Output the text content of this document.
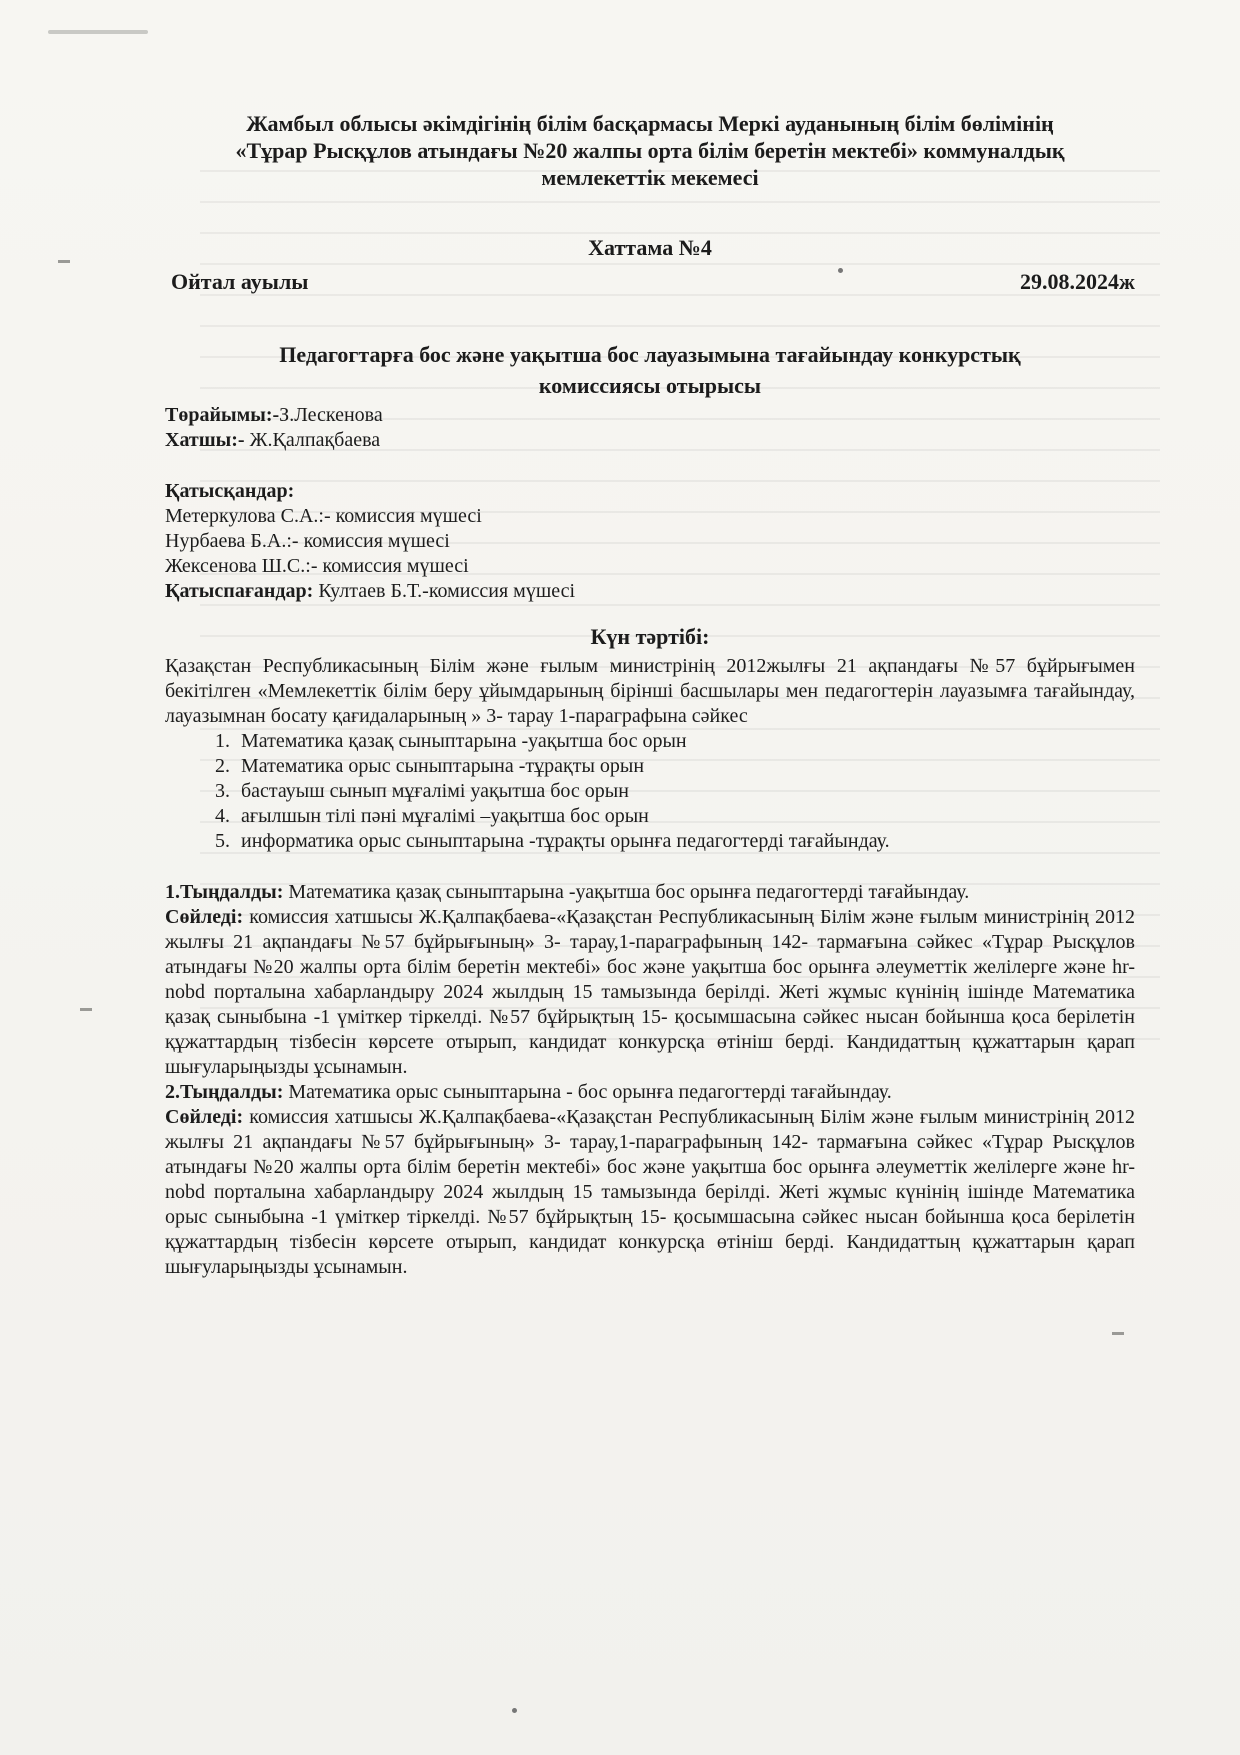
Жамбыл облысы әкімдігінің білім басқармасы Меркі ауданының білім бөлімінің
«Тұрар Рысқұлов атындағы №20 жалпы орта білім беретін мектебі» коммуналдық
мемлекеттік мекемесі
Хаттама №4
Ойтал ауылы	29.08.2024ж
Педагогтарға бос және уақытша бос лауазымына тағайындау конкурстық
комиссиясы отырысы
Төрайымы:-З.Лескенова
Хатшы:- Ж.Қалпақбаева
Қатысқандар:
Метеркулова С.А.:- комиссия мүшесі
Нурбаева Б.А.:- комиссия мүшесі
Жексенова Ш.С.:- комиссия мүшесі
Қатыспағандар: Култаев Б.Т.-комиссия мүшесі
Күн тәртібі:
Қазақстан Республикасының Білім және ғылым министрінің 2012жылғы 21 ақпандағы №57 бұйрығымен бекітілген «Мемлекеттік білім беру ұйымдарының бірінші басшылары мен педагогтерін лауазымға тағайындау, лауазымнан босату қағидаларының » 3- тарау 1-параграфына сәйкес
1. Математика қазақ сыныптарына -уақытша бос орын
2. Математика орыс сыныптарына -тұрақты орын
3. бастауыш сынып мұғалімі уақытша бос орын
4. ағылшын тілі пәні мұғалімі –уақытша бос орын
5. информатика орыс сыныптарына -тұрақты орынға педагогтерді тағайындау.
1.Тыңдалды: Математика қазақ сыныптарына -уақытша бос орынға педагогтерді тағайындау.
Сөйледі: комиссия хатшысы Ж.Қалпақбаева-«Қазақстан Республикасының Білім және ғылым министрінің 2012 жылғы 21 ақпандағы №57 бұйрығының» 3- тарау,1-параграфының 142- тармағына сәйкес «Тұрар Рысқұлов атындағы №20 жалпы орта білім беретін мектебі» бос және уақытша бос орынға әлеуметтік желілерге және hr-nobd порталына хабарландыру 2024 жылдың 15 тамызында берілді. Жеті жұмыс күнінің ішінде Математика қазақ сыныбына -1 үміткер тіркелді. №57 бұйрықтың 15- қосымшасына сәйкес нысан бойынша қоса берілетін құжаттардың тізбесін көрсете отырып, кандидат конкурсқа өтініш берді. Кандидаттың құжаттарын қарап шығуларыңызды ұсынамын.
2.Тыңдалды: Математика орыс сыныптарына - бос орынға педагогтерді тағайындау.
Сөйледі: комиссия хатшысы Ж.Қалпақбаева-«Қазақстан Республикасының Білім және ғылым министрінің 2012 жылғы 21 ақпандағы №57 бұйрығының» 3- тарау,1-параграфының 142- тармағына сәйкес «Тұрар Рысқұлов атындағы №20 жалпы орта білім беретін мектебі» бос және уақытша бос орынға әлеуметтік желілерге және hr-nobd порталына хабарландыру 2024 жылдың 15 тамызында берілді. Жеті жұмыс күнінің ішінде Математика орыс сыныбына -1 үміткер тіркелді. №57 бұйрықтың 15- қосымшасына сәйкес нысан бойынша қоса берілетін құжаттардың тізбесін көрсете отырып, кандидат конкурсқа өтініш берді. Кандидаттың құжаттарын қарап шығуларыңызды ұсынамын.
